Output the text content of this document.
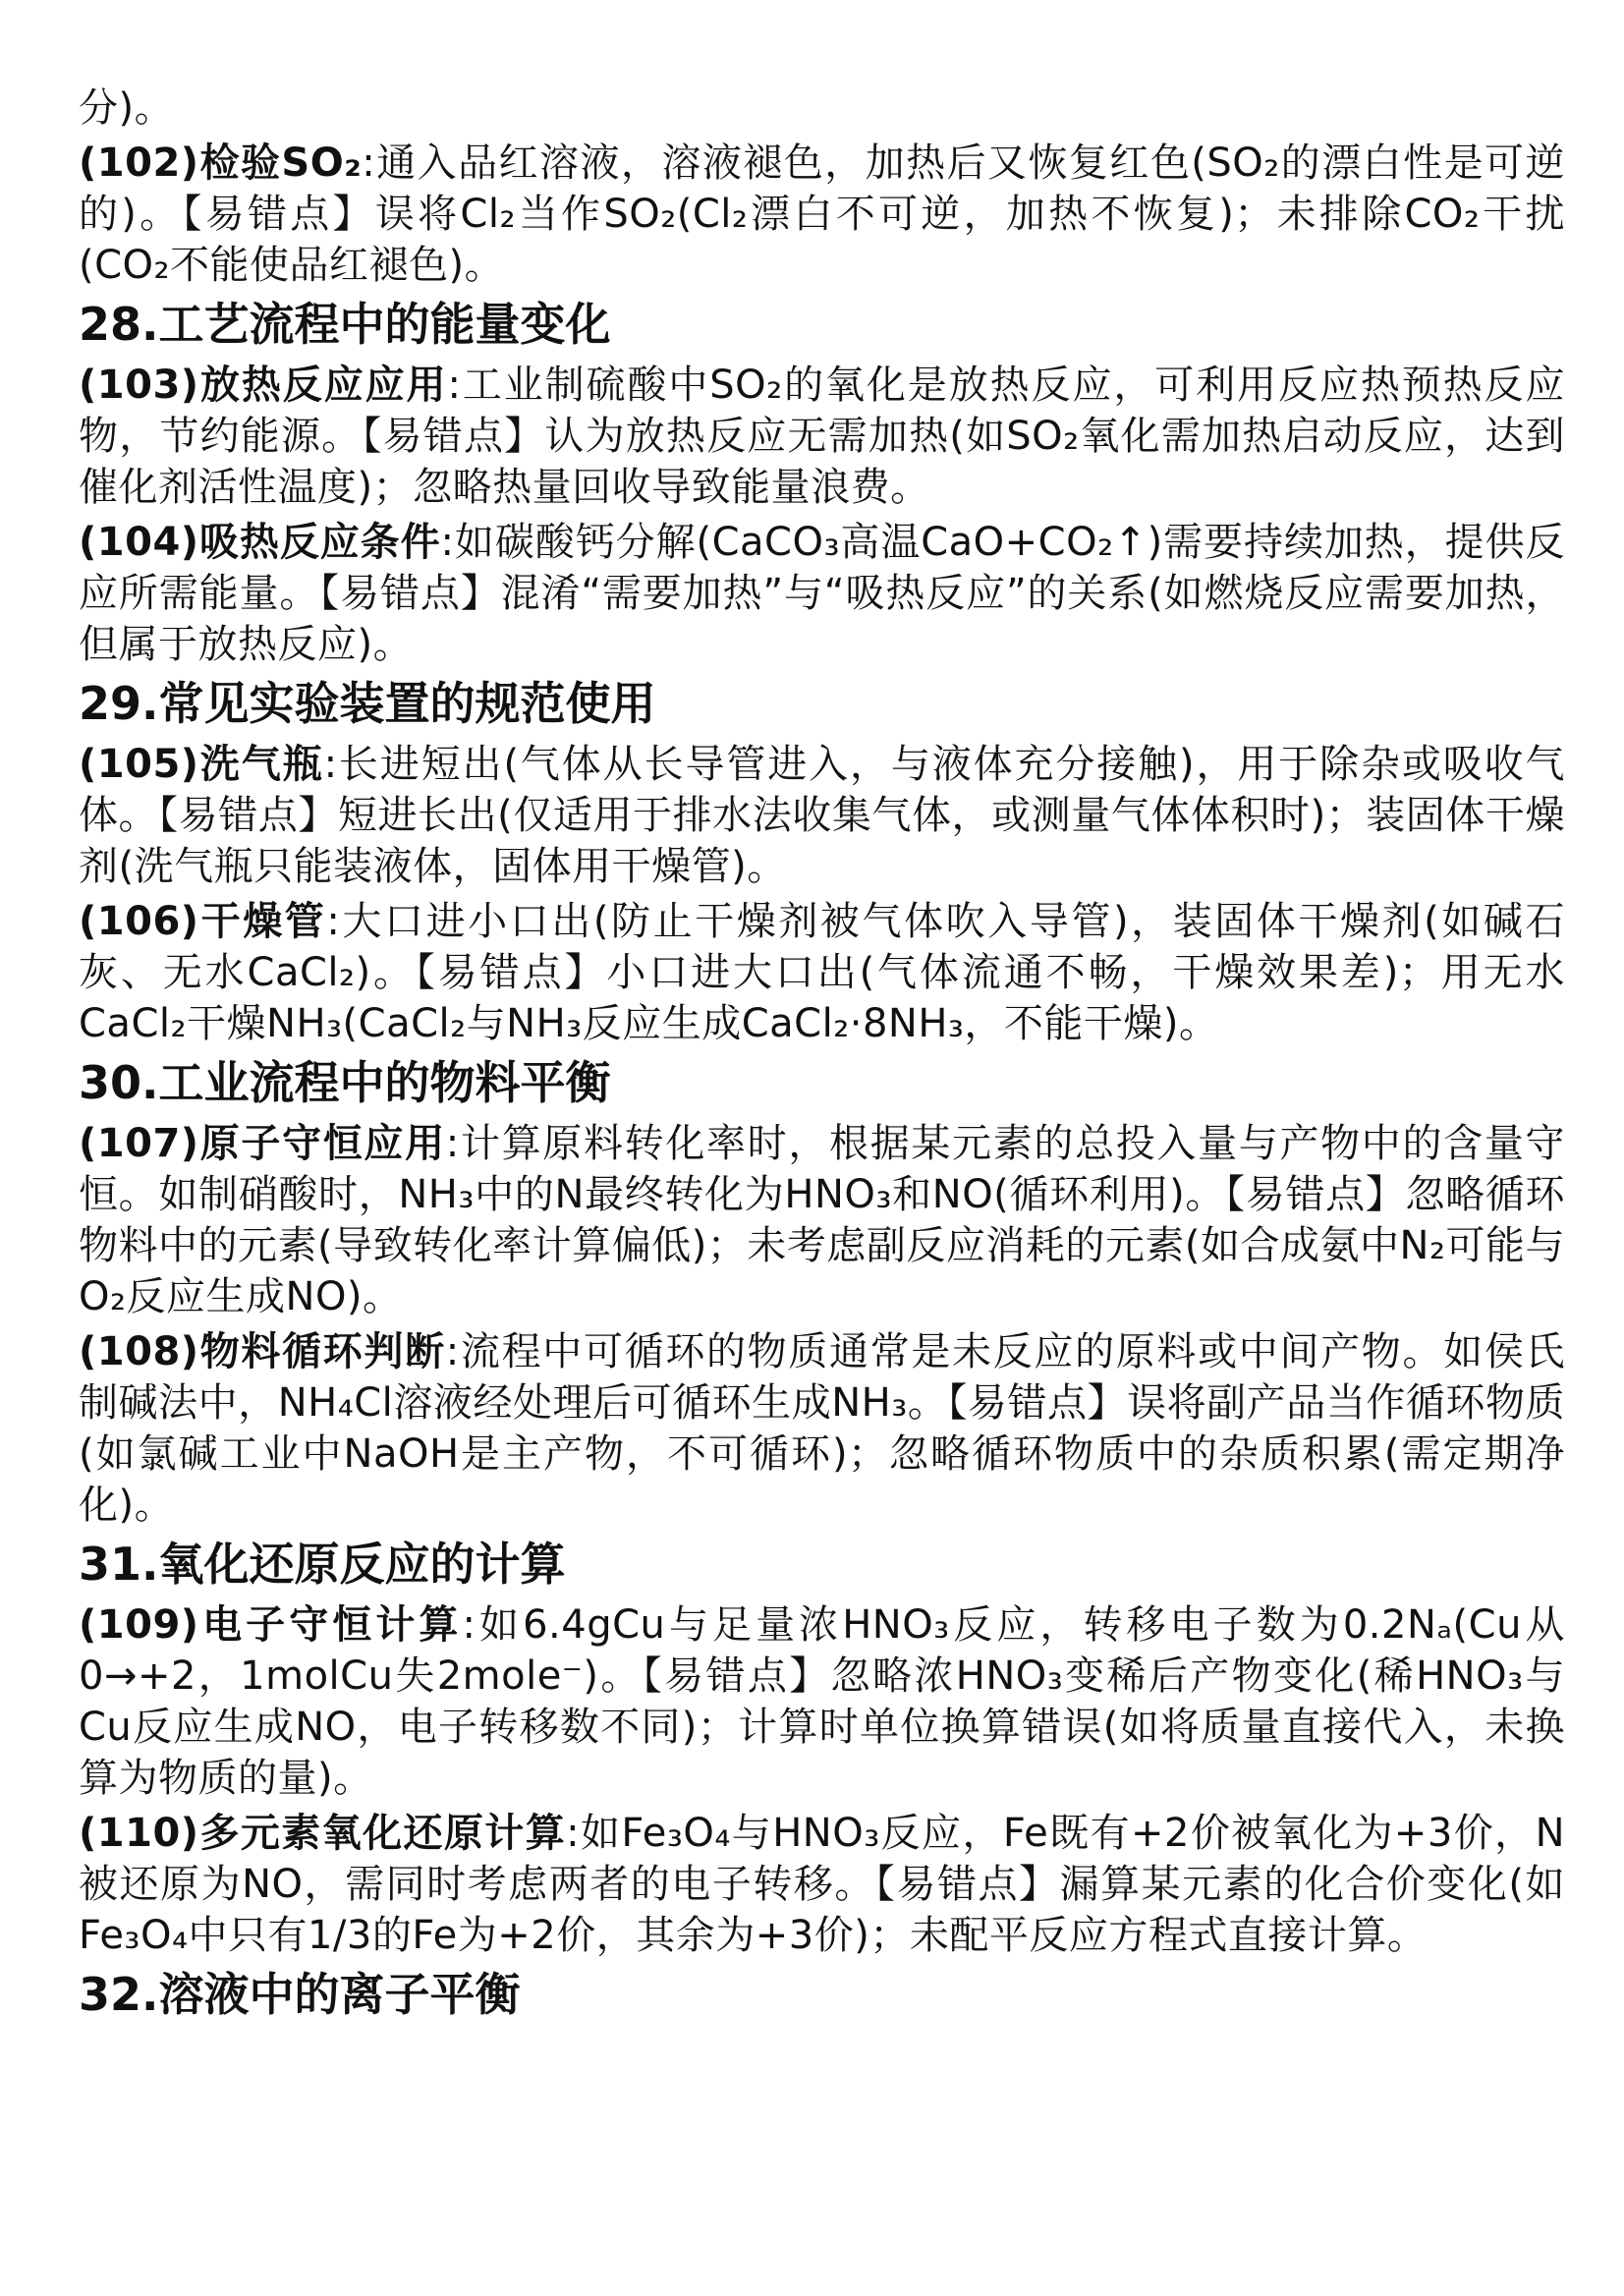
分)。

(102)检验SO₂:通入品红溶液，溶液褪色，加热后又恢复红色(SO₂的漂白性是可逆的)。【易错点】误将Cl₂当作SO₂(Cl₂漂白不可逆，加热不恢复)；未排除CO₂干扰(CO₂不能使品红褪色)。

28.工艺流程中的能量变化

(103)放热反应应用:工业制硫酸中SO₂的氧化是放热反应，可利用反应热预热反应物，节约能源。【易错点】认为放热反应无需加热(如SO₂氧化需加热启动反应，达到催化剂活性温度)；忽略热量回收导致能量浪费。

(104)吸热反应条件:如碳酸钙分解(CaCO₃高温CaO+CO₂↑)需要持续加热，提供反应所需能量。【易错点】混淆“需要加热”与“吸热反应”的关系(如燃烧反应需要加热，但属于放热反应)。

29.常见实验装置的规范使用

(105)洗气瓶:长进短出(气体从长导管进入，与液体充分接触)，用于除杂或吸收气体。【易错点】短进长出(仅适用于排水法收集气体，或测量气体体积时)；装固体干燥剂(洗气瓶只能装液体，固体用干燥管)。

(106)干燥管:大口进小口出(防止干燥剂被气体吹入导管)，装固体干燥剂(如碱石灰、无水CaCl₂)。【易错点】小口进大口出(气体流通不畅，干燥效果差)；用无水CaCl₂干燥NH₃(CaCl₂与NH₃反应生成CaCl₂·8NH₃，不能干燥)。

30.工业流程中的物料平衡

(107)原子守恒应用:计算原料转化率时，根据某元素的总投入量与产物中的含量守恒。如制硝酸时，NH₃中的N最终转化为HNO₃和NO(循环利用)。【易错点】忽略循环物料中的元素(导致转化率计算偏低)；未考虑副反应消耗的元素(如合成氨中N₂可能与O₂反应生成NO)。

(108)物料循环判断:流程中可循环的物质通常是未反应的原料或中间产物。如侯氏制碱法中，NH₄Cl溶液经处理后可循环生成NH₃。【易错点】误将副产品当作循环物质(如氯碱工业中NaOH是主产物，不可循环)；忽略循环物质中的杂质积累(需定期净化)。

31.氧化还原反应的计算

(109)电子守恒计算:如6.4gCu与足量浓HNO₃反应，转移电子数为0.2Nₐ(Cu从0→+2，1molCu失2mole⁻)。【易错点】忽略浓HNO₃变稀后产物变化(稀HNO₃与Cu反应生成NO，电子转移数不同)；计算时单位换算错误(如将质量直接代入，未换算为物质的量)。

(110)多元素氧化还原计算:如Fe₃O₄与HNO₃反应，Fe既有+2价被氧化为+3价，N被还原为NO，需同时考虑两者的电子转移。【易错点】漏算某元素的化合价变化(如Fe₃O₄中只有1/3的Fe为+2价，其余为+3价)；未配平反应方程式直接计算。

32.溶液中的离子平衡
